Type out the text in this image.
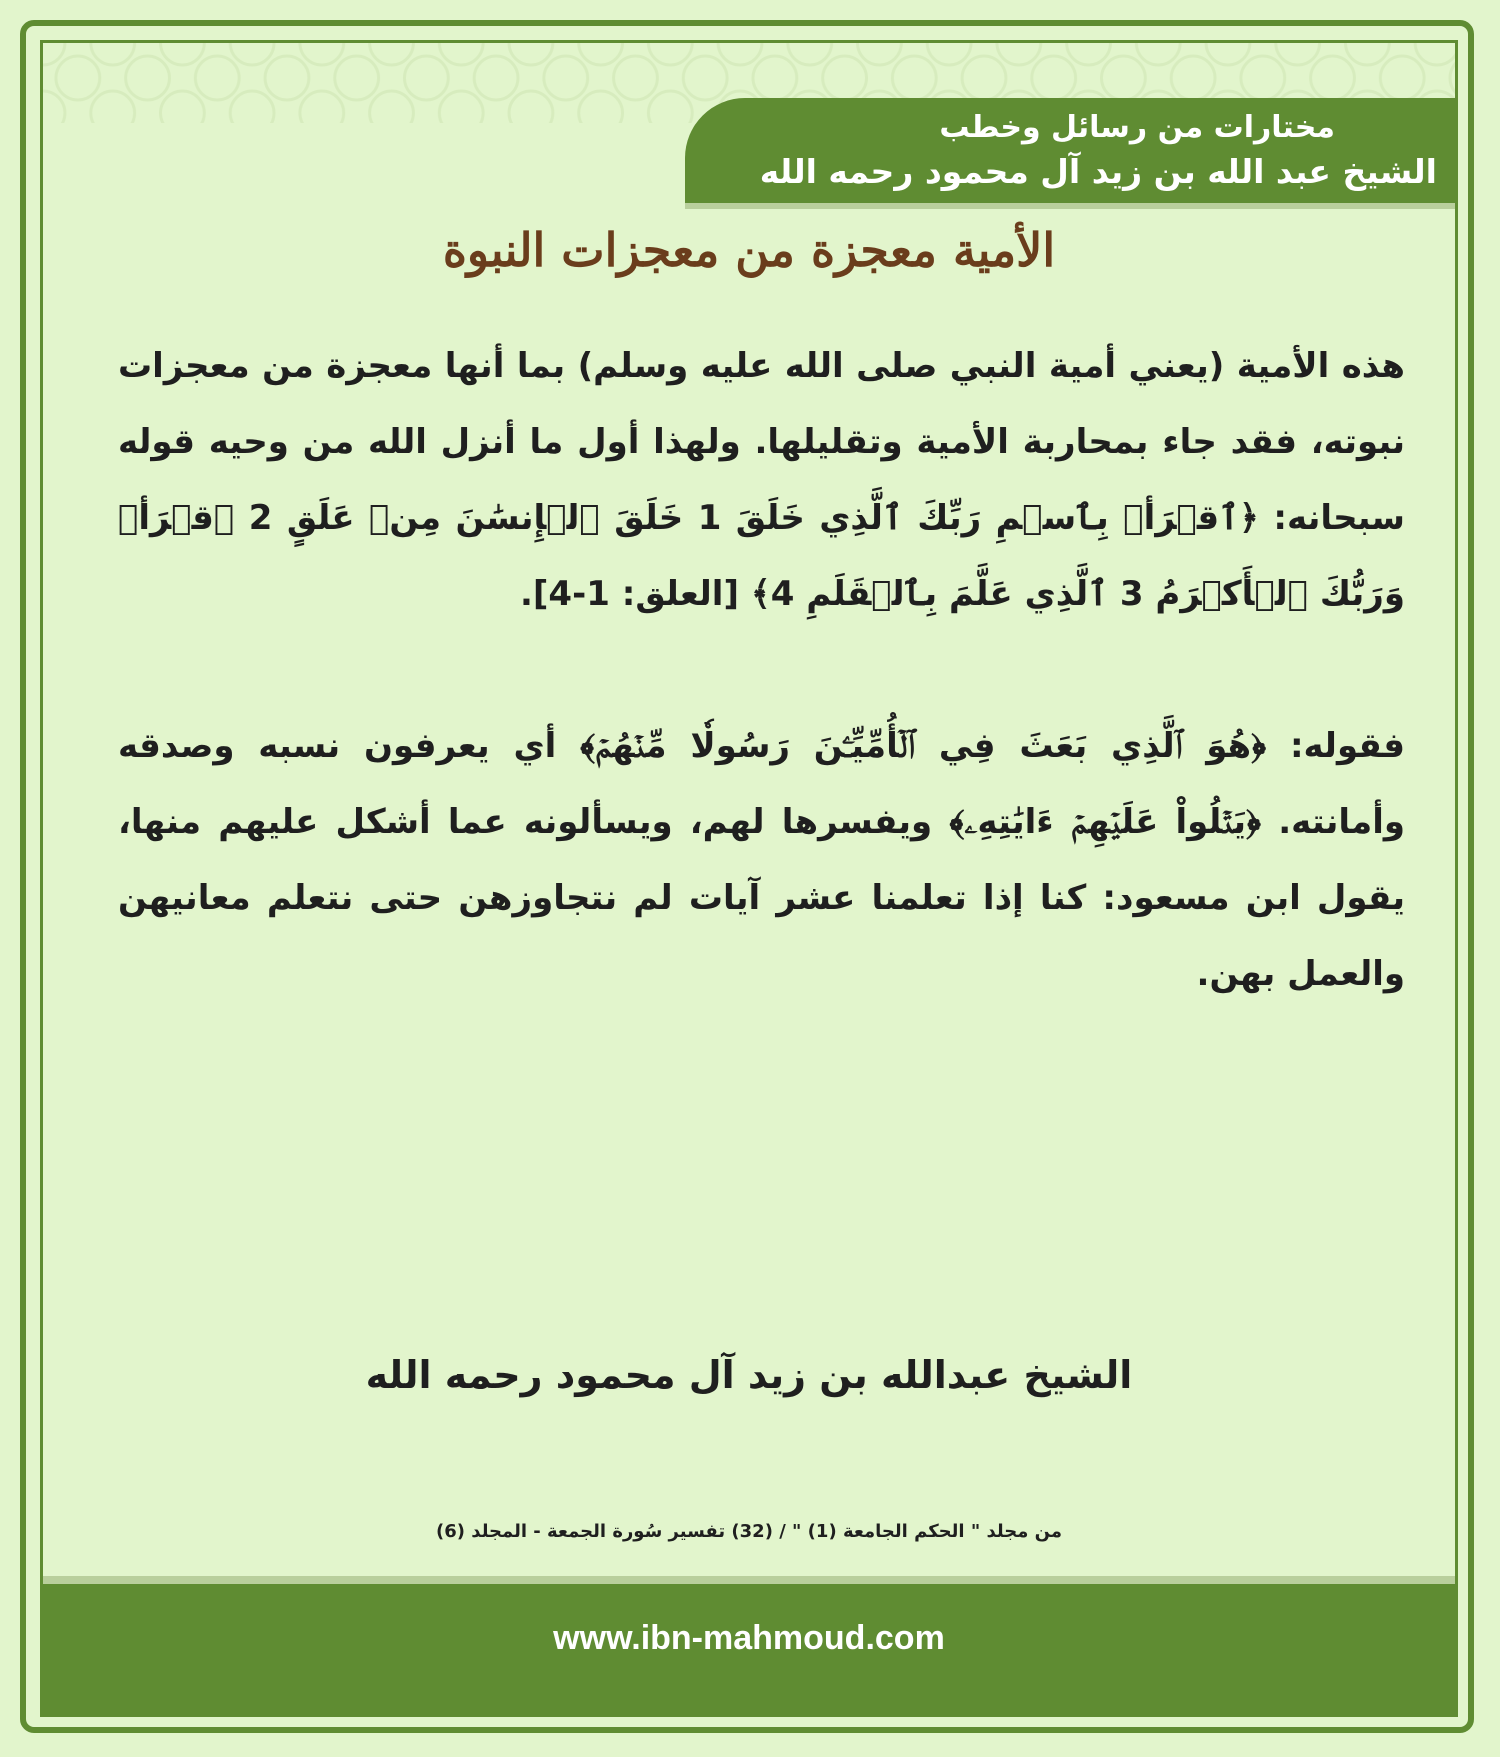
مختارات من رسائل وخطب
الشيخ عبد الله بن زيد آل محمود رحمه الله
الأمية معجزة من معجزات النبوة

هذه الأمية (يعني أمية النبي صلى الله عليه وسلم) بما أنها معجزة من معجزات نبوته، فقد جاء بمحاربة الأمية وتقليلها. ولهذا أول ما أنزل الله من وحيه قوله سبحانه: ﴿ٱقۡرَأۡ بِٱسۡمِ رَبِّكَ ٱلَّذِي خَلَقَ 1 خَلَقَ ٱلۡإِنسَٰنَ مِنۡ عَلَقٍ 2 ٱقۡرَأۡ وَرَبُّكَ ٱلۡأَكۡرَمُ 3 ٱلَّذِي عَلَّمَ بِٱلۡقَلَمِ 4﴾ [العلق: 1-4].

فقوله: ﴿هُوَ ٱلَّذِي بَعَثَ فِي ٱلۡأُمِّيِّـۧنَ رَسُولٗا مِّنۡهُمۡ﴾ أي يعرفون نسبه وصدقه وأمانته. ﴿يَتۡلُواْ عَلَيۡهِمۡ ءَايَٰتِهِۦ﴾ ويفسرها لهم، ويسألونه عما أشكل عليهم منها، يقول ابن مسعود: كنا إذا تعلمنا عشر آيات لم نتجاوزهن حتى نتعلم معانيهن والعمل بهن.

الشيخ عبدالله بن زيد آل محمود رحمه الله
من مجلد " الحكم الجامعة (1) " / (32) تفسير سُورة الجمعة - المجلد (6)
www.ibn-mahmoud.com
